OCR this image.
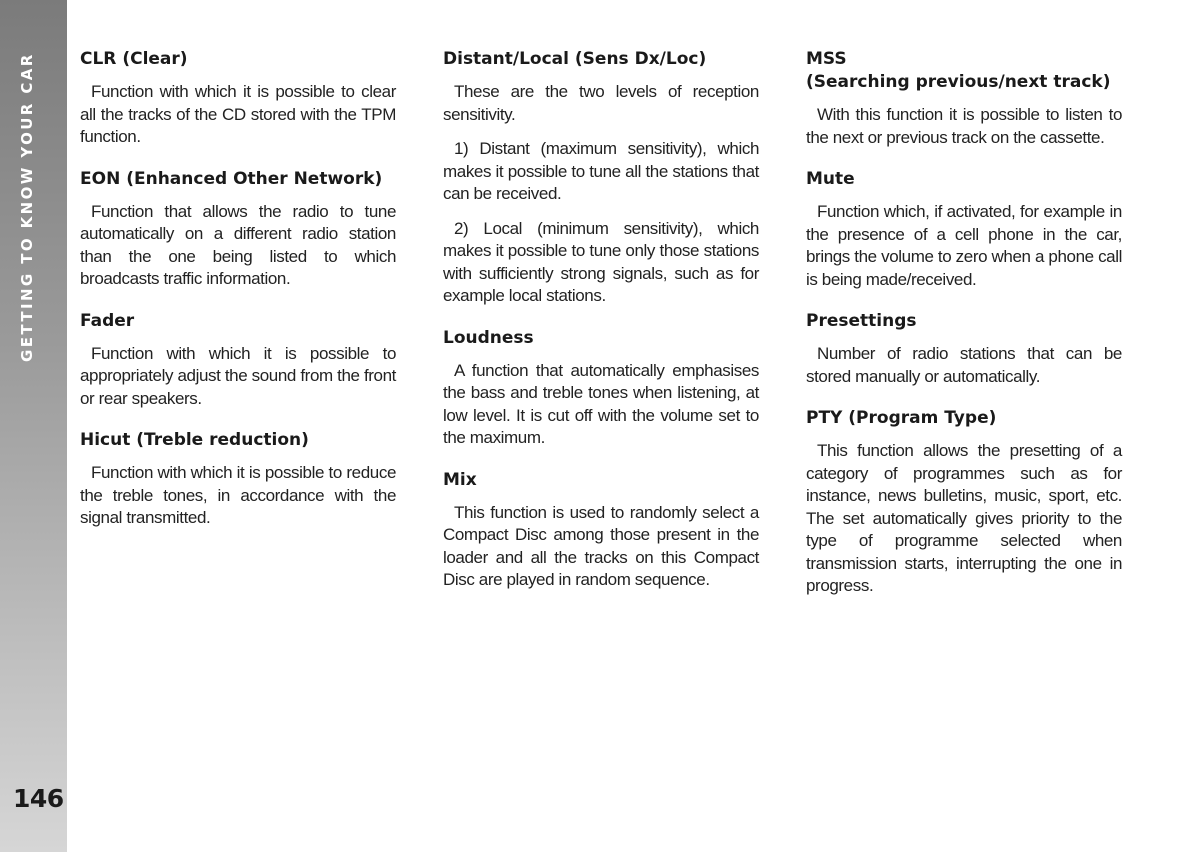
GETTING TO KNOW YOUR CAR
146
CLR (Clear)

Function with which it is possible to clear all the tracks of the CD stored with the TPM function.

EON (Enhanced Other Network)

Function that allows the radio to tune automatically on a different radio station than the one being listed to which broadcasts traffic information.

Fader

Function with which it is possible to appropriately adjust the sound from the front or rear speakers.

Hicut (Treble reduction)

Function with which it is possible to reduce the treble tones, in accordance with the signal transmitted.

Distant/Local (Sens Dx/Loc)

These are the two levels of reception sensitivity.

1) Distant (maximum sensitivity), which makes it possible to tune all the stations that can be received.

2) Local (minimum sensitivity), which makes it possible to tune only those stations with sufficiently strong signals, such as for example local stations.

Loudness

A function that automatically emphasises the bass and treble tones when listening, at low level. It is cut off with the volume set to the maximum.

Mix

This function is used to randomly select a Compact Disc among those present in the loader and all the tracks on this Compact Disc are played in random sequence.

MSS
(Searching previous/next track)

With this function it is possible to listen to the next or previous track on the cassette.

Mute

Function which, if activated, for example in the presence of a cell phone in the car, brings the volume to zero when a phone call is being made/received.

Presettings

Number of radio stations that can be stored manually or automatically.

PTY (Program Type)

This function allows the presetting of a category of programmes such as for instance, news bulletins, music, sport, etc. The set automatically gives priority to the type of programme selected when transmission starts, interrupting the one in progress.
